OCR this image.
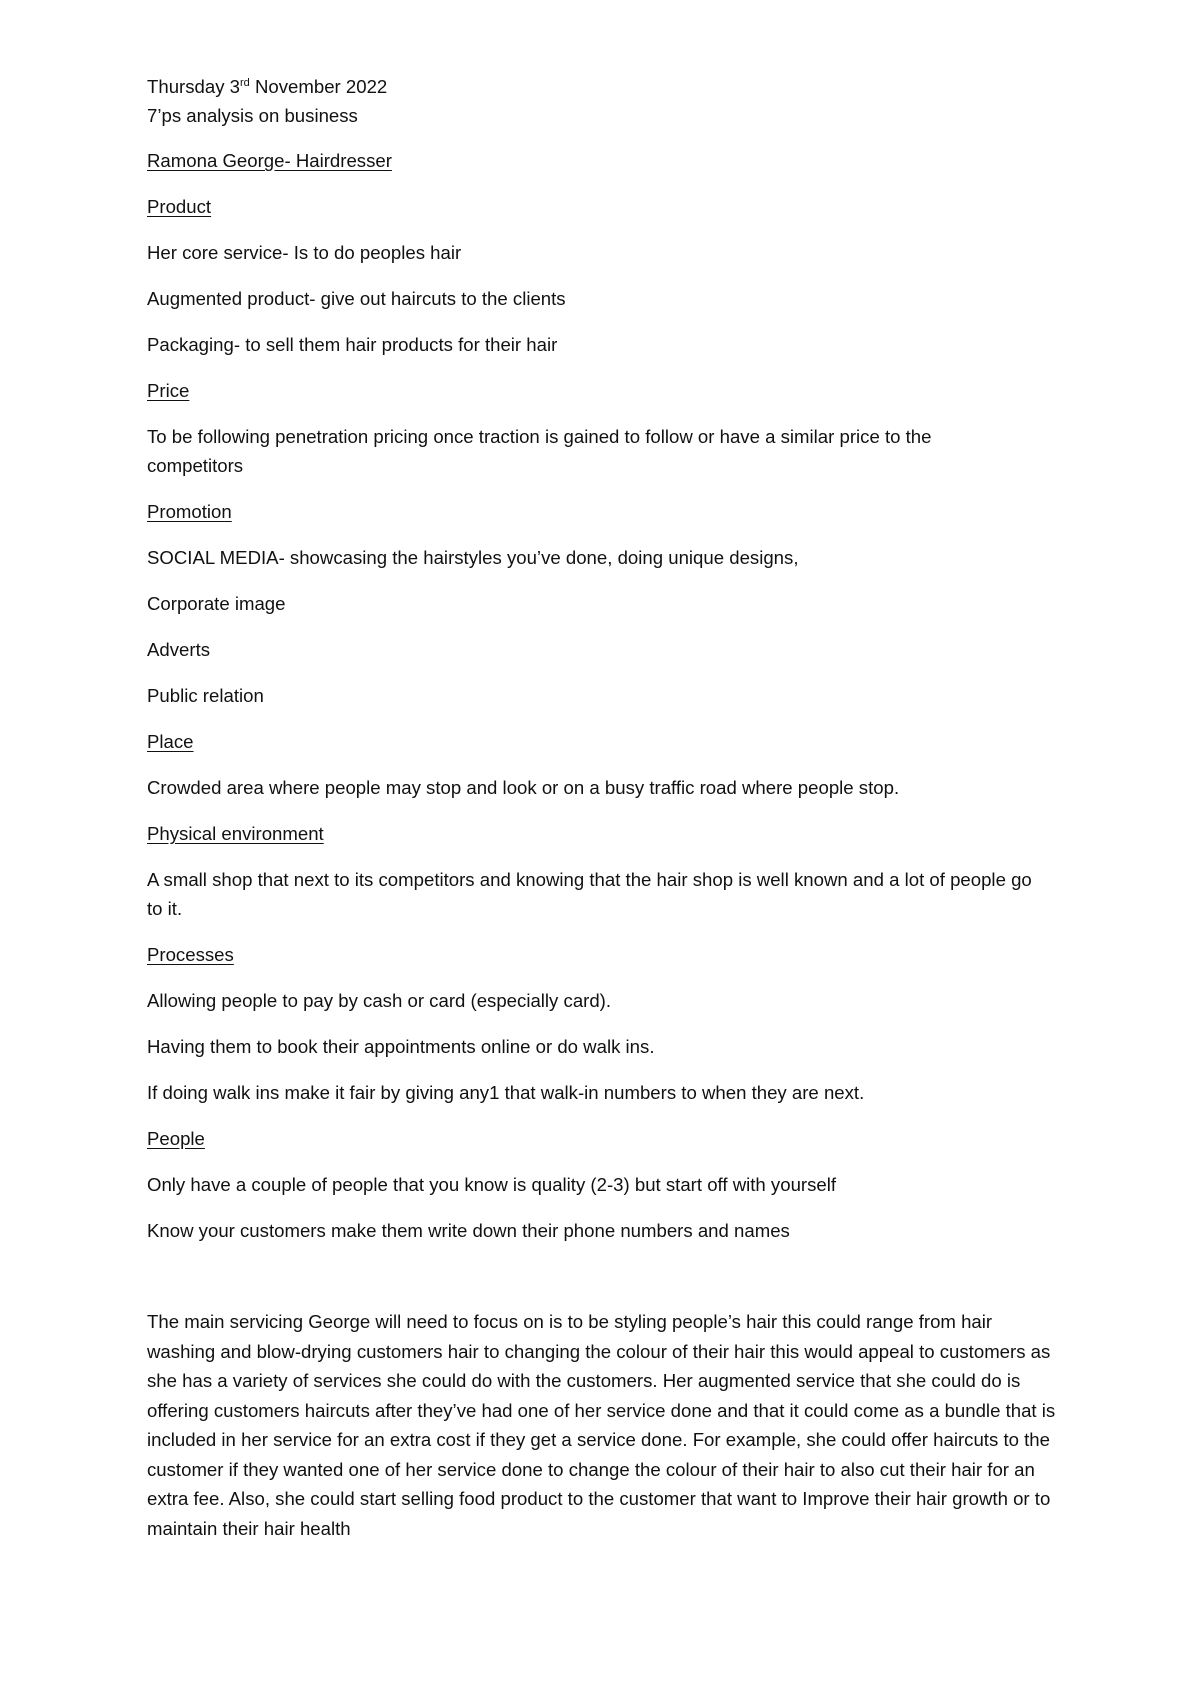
Thursday 3rd November 2022

7’ps analysis on business

Ramona George- Hairdresser

Product

Her core service- Is to do peoples hair

Augmented product- give out haircuts to the clients

Packaging- to sell them hair products for their hair

Price

To be following penetration pricing once traction is gained to follow or have a similar price to the competitors

Promotion

SOCIAL MEDIA- showcasing the hairstyles you’ve done, doing unique designs,

Corporate image

Adverts

Public relation

Place

Crowded area where people may stop and look or on a busy traffic road where people stop.

Physical environment

A small shop that next to its competitors and knowing that the hair shop is well known and a lot of people go to it.

Processes

Allowing people to pay by cash or card (especially card).

Having them to book their appointments online or do walk ins.

If doing walk ins make it fair by giving any1 that walk-in numbers to when they are next.

People

Only have a couple of people that you know is quality (2-3) but start off with yourself

Know your customers make them write down their phone numbers and names

The main servicing George will need to focus on is to be styling people’s hair this could range from hair washing and blow-drying customers hair to changing the colour of their hair this would appeal to customers as she has a variety of services she could do with the customers. Her augmented service that she could do is offering customers haircuts after they’ve had one of her service done and that it could come as a bundle that is included in her service for an extra cost if they get a service done. For example, she could offer haircuts to the customer if they wanted one of her service done to change the colour of their hair to also cut their hair for an extra fee. Also, she could start selling food product to the customer that want to Improve their hair growth or to maintain their hair health
